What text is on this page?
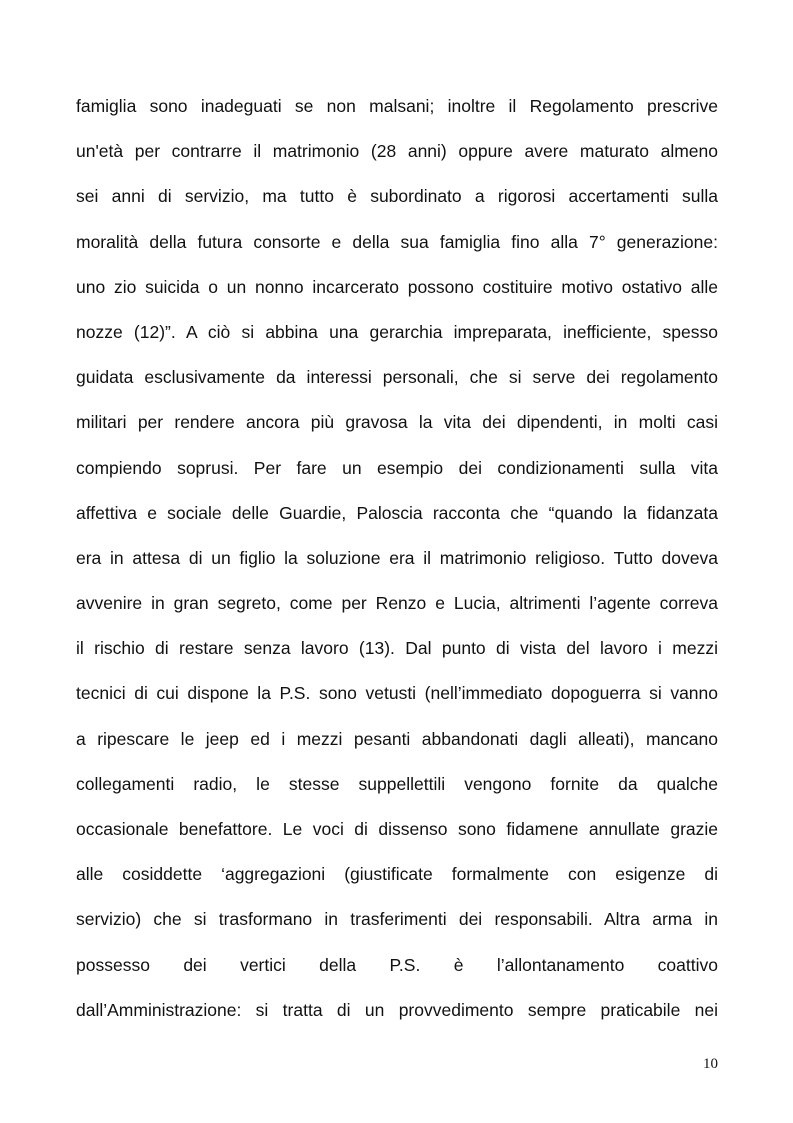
famiglia sono inadeguati se non malsani; inoltre il Regolamento prescrive
un'età per contrarre il matrimonio (28 anni) oppure avere maturato almeno
sei anni di servizio, ma tutto è subordinato a rigorosi accertamenti sulla
moralità della futura consorte e della sua famiglia fino alla 7° generazione:
uno zio suicida o un nonno incarcerato possono costituire motivo ostativo alle
nozze (12)”. A ciò si abbina una gerarchia impreparata, inefficiente, spesso
guidata esclusivamente da interessi personali, che si serve dei regolamento
militari per rendere ancora più gravosa la vita dei dipendenti, in molti casi
compiendo soprusi. Per fare un esempio dei condizionamenti sulla vita
affettiva e sociale delle Guardie, Paloscia racconta che “quando la fidanzata
era in attesa di un figlio la soluzione era il matrimonio religioso. Tutto doveva
avvenire in gran segreto, come per Renzo e Lucia, altrimenti l’agente correva
il rischio di restare senza lavoro (13). Dal punto di vista del lavoro i mezzi
tecnici di cui dispone la P.S. sono vetusti (nell’immediato dopoguerra si vanno
a ripescare le jeep ed i mezzi pesanti abbandonati dagli alleati), mancano
collegamenti radio, le stesse suppellettili vengono fornite da qualche
occasionale benefattore. Le voci di dissenso sono fidamene annullate grazie
alle cosiddette ‘aggregazioni (giustificate formalmente con esigenze di
servizio) che si trasformano in trasferimenti dei responsabili. Altra arma in
possesso dei vertici della P.S. è l’allontanamento coattivo
dall’Amministrazione: si tratta di un provvedimento sempre praticabile nei
10
